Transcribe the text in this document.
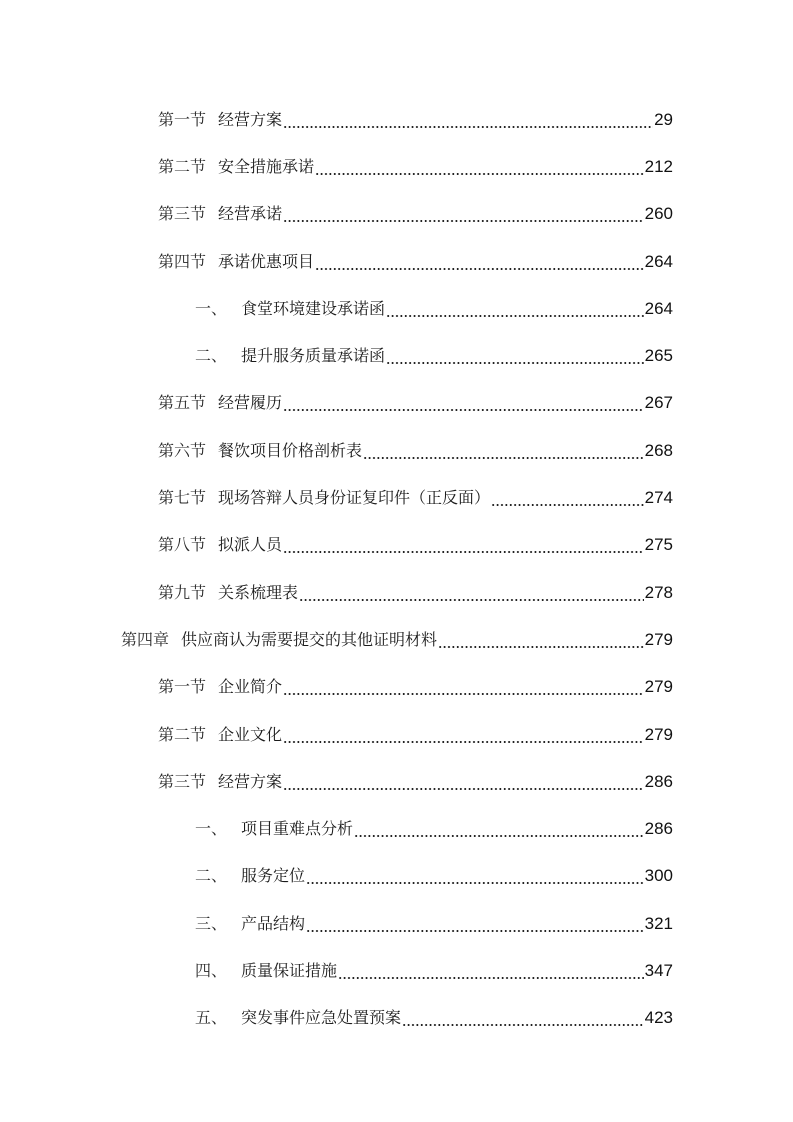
第一节 经营方案	29
第二节 安全措施承诺	212
第三节 经营承诺	260
第四节 承诺优惠项目	264
一、 食堂环境建设承诺函	264
二、 提升服务质量承诺函	265
第五节 经营履历	267
第六节 餐饮项目价格剖析表	268
第七节 现场答辩人员身份证复印件（正反面）	274
第八节 拟派人员	275
第九节 关系梳理表	278
第四章 供应商认为需要提交的其他证明材料	279
第一节 企业简介	279
第二节 企业文化	279
第三节 经营方案	286
一、 项目重难点分析	286
二、 服务定位	300
三、 产品结构	321
四、 质量保证措施	347
五、 突发事件应急处置预案	423
